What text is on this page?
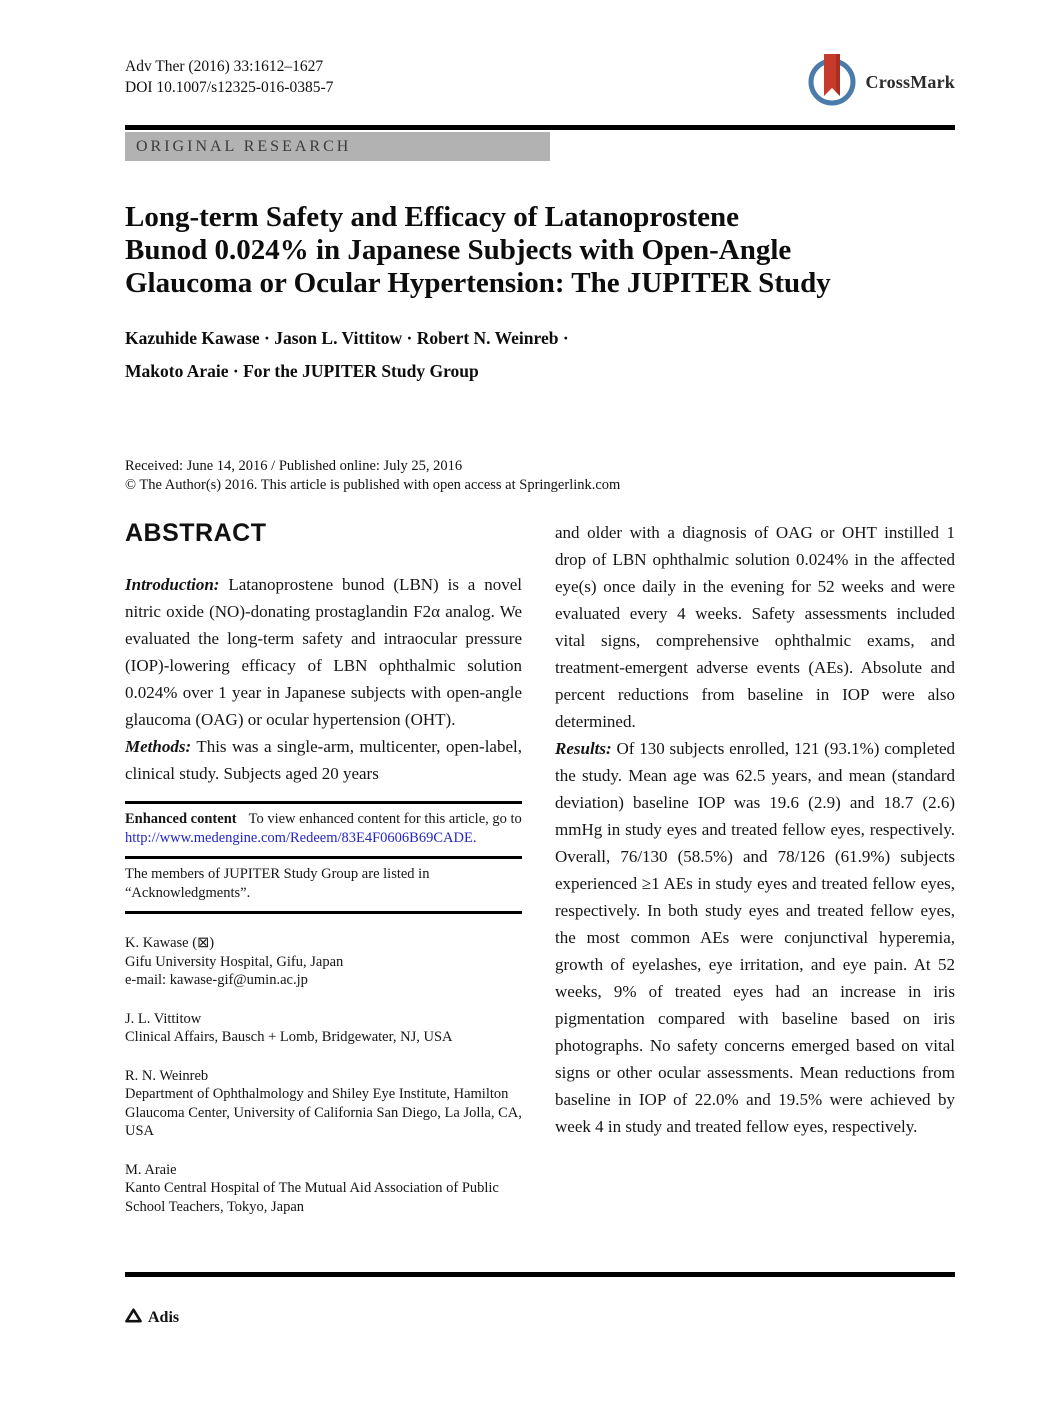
Adv Ther (2016) 33:1612–1627
DOI 10.1007/s12325-016-0385-7	CrossMark
ORIGINAL RESEARCH
Long-term Safety and Efficacy of Latanoprostene
Bunod 0.024% in Japanese Subjects with Open-Angle
Glaucoma or Ocular Hypertension: The JUPITER Study
Kazuhide Kawase · Jason L. Vittitow · Robert N. Weinreb ·
Makoto Araie · For the JUPITER Study Group
Received: June 14, 2016 / Published online: July 25, 2016
© The Author(s) 2016. This article is published with open access at Springerlink.com
ABSTRACT

Introduction: Latanoprostene bunod (LBN) is a novel nitric oxide (NO)-donating prostaglandin F2α analog. We evaluated the long-term safety and intraocular pressure (IOP)-lowering efficacy of LBN ophthalmic solution 0.024% over 1 year in Japanese subjects with open-angle glaucoma (OAG) or ocular hypertension (OHT).

Methods: This was a single-arm, multicenter, open-label, clinical study. Subjects aged 20 years

Enhanced content To view enhanced content for this article, go to http://www.medengine.com/Redeem/83E4F0606B69CADE.

The members of JUPITER Study Group are listed in “Acknowledgments”.

K. Kawase (⊠)

Gifu University Hospital, Gifu, Japan

e-mail: kawase-gif@umin.ac.jp

J. L. Vittitow

Clinical Affairs, Bausch + Lomb, Bridgewater, NJ, USA

R. N. Weinreb

Department of Ophthalmology and Shiley Eye Institute, Hamilton Glaucoma Center, University of California San Diego, La Jolla, CA, USA

M. Araie

Kanto Central Hospital of The Mutual Aid Association of Public School Teachers, Tokyo, Japan

and older with a diagnosis of OAG or OHT instilled 1 drop of LBN ophthalmic solution 0.024% in the affected eye(s) once daily in the evening for 52 weeks and were evaluated every 4 weeks. Safety assessments included vital signs, comprehensive ophthalmic exams, and treatment-emergent adverse events (AEs). Absolute and percent reductions from baseline in IOP were also determined.

Results: Of 130 subjects enrolled, 121 (93.1%) completed the study. Mean age was 62.5 years, and mean (standard deviation) baseline IOP was 19.6 (2.9) and 18.7 (2.6) mmHg in study eyes and treated fellow eyes, respectively. Overall, 76/130 (58.5%) and 78/126 (61.9%) subjects experienced ≥1 AEs in study eyes and treated fellow eyes, respectively. In both study eyes and treated fellow eyes, the most common AEs were conjunctival hyperemia, growth of eyelashes, eye irritation, and eye pain. At 52 weeks, 9% of treated eyes had an increase in iris pigmentation compared with baseline based on iris photographs. No safety concerns emerged based on vital signs or other ocular assessments. Mean reductions from baseline in IOP of 22.0% and 19.5% were achieved by week 4 in study and treated fellow eyes, respectively.

Adis
